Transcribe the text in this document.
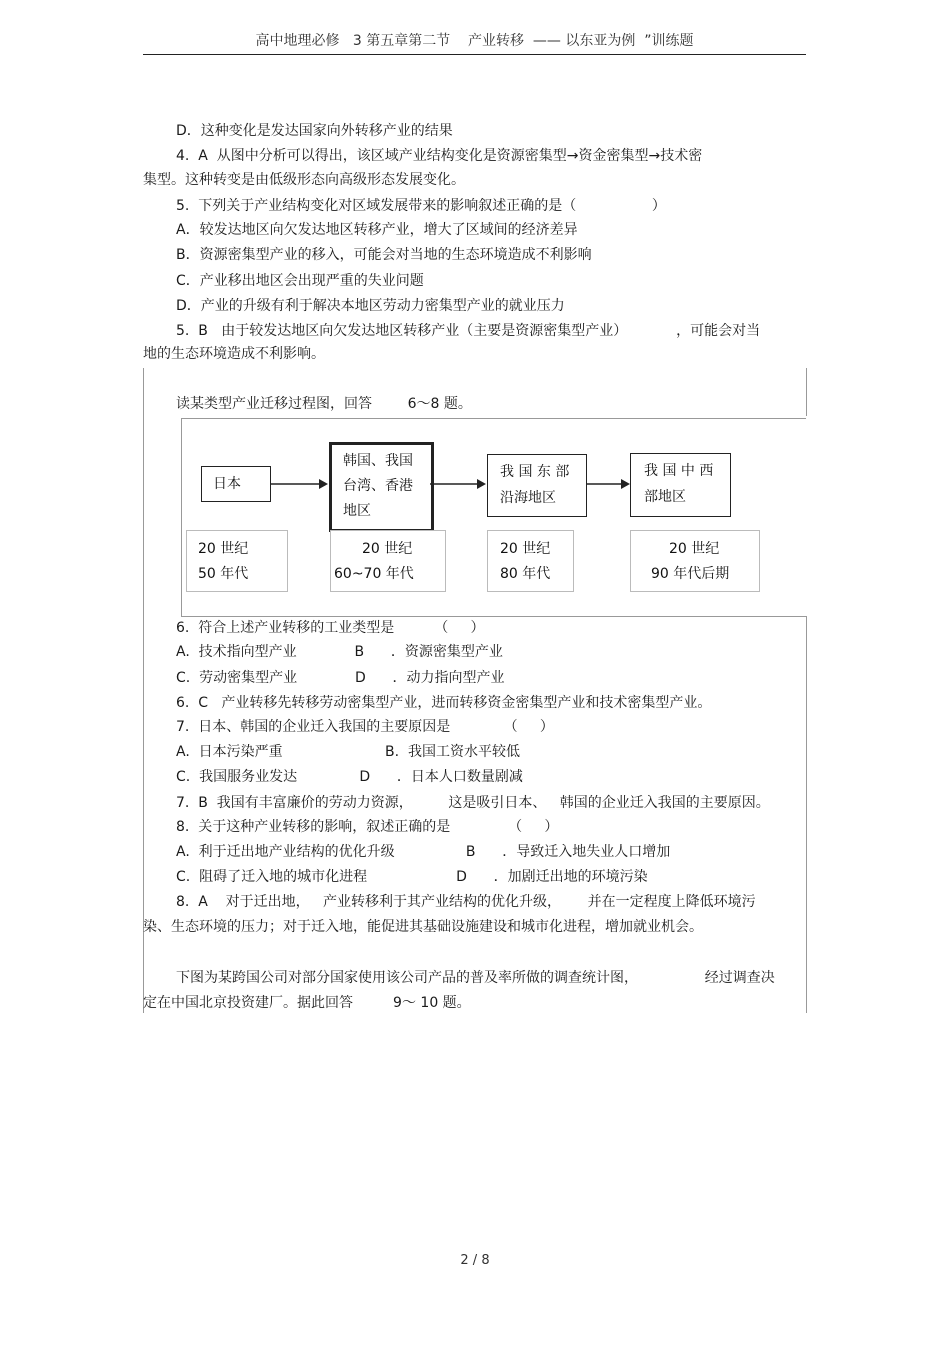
高中地理必修   3 第五章第二节    产业转移  —— 以东亚为例  ”训练题
D．这种变化是发达国家向外转移产业的结果
4.  A  从图中分析可以得出，该区域产业结构变化是资源密集型→资金密集型→技术密
集型。这种转变是由低级形态向高级形态发展变化。
5.  下列关于产业结构变化对区域发展带来的影响叙述正确的是（                 ）
A．较发达地区向欠发达地区转移产业，增大了区域间的经济差异
B．资源密集型产业的移入，可能会对当地的生态环境造成不利影响
C．产业移出地区会出现严重的失业问题
D．产业的升级有利于解决本地区劳动力密集型产业的就业压力
5.  B   由于较发达地区向欠发达地区转移产业（主要是资源密集型产业）           ，可能会对当
地的生态环境造成不利影响。
读某类型产业迁移过程图，回答        6～8 题。
日本
韩国、我国
台湾、香港
地区
我 国 东 部
沿海地区
我 国 中 西
部地区
20 世纪
50 年代
20 世纪
60~70 年代
20 世纪
80 年代
20 世纪
90 年代后期
6.  符合上述产业转移的工业类型是         （     ）
A.  技术指向型产业             B      ．资源密集型产业
C.  劳动密集型产业             D      ．动力指向型产业
6.  C   产业转移先转移劳动密集型产业，进而转移资金密集型产业和技术密集型产业。
7.  日本、韩国的企业迁入我国的主要原因是            （     ）
A.  日本污染严重                       B.  我国工资水平较低
C.  我国服务业发达              D      ．日本人口数量剧减
7.  B  我国有丰富廉价的劳动力资源，        这是吸引日本、   韩国的企业迁入我国的主要原因。
8.  关于这种产业转移的影响，叙述正确的是             （     ）
A.  利于迁出地产业结构的优化升级                B      ．导致迁入地失业人口增加
C.  阻碍了迁入地的城市化进程                    D      ．加剧迁出地的环境污染
8.  A    对于迁出地，   产业转移利于其产业结构的优化升级，      并在一定程度上降低环境污
染、生态环境的压力；对于迁入地，能促进其基础设施建设和城市化进程，增加就业机会。
下图为某跨国公司对部分国家使用该公司产品的普及率所做的调查统计图，               经过调查决
定在中国北京投资建厂。据此回答         9～ 10 题。
2 / 8
